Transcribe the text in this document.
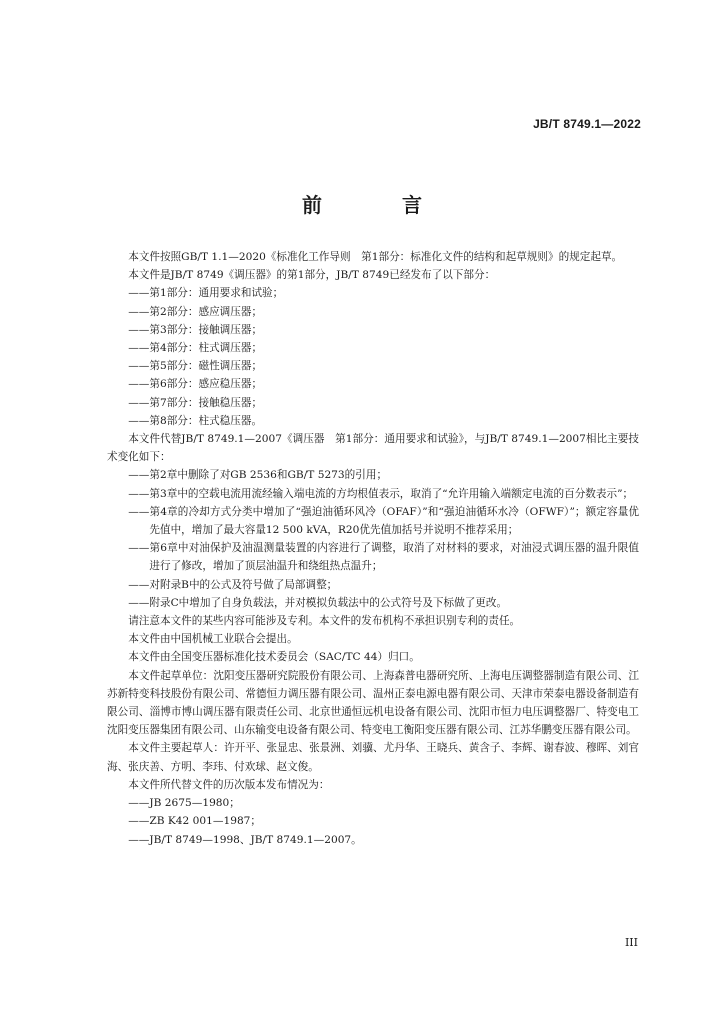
JB/T 8749.1—2022
前　言

本文件按照GB/T 1.1—2020《标准化工作导则　第1部分：标准化文件的结构和起草规则》的规定起草。

本文件是JB/T 8749《调压器》的第1部分，JB/T 8749已经发布了以下部分：

——第1部分：通用要求和试验；

——第2部分：感应调压器；

——第3部分：接触调压器；

——第4部分：柱式调压器；

——第5部分：磁性调压器；

——第6部分：感应稳压器；

——第7部分：接触稳压器；

——第8部分：柱式稳压器。

本文件代替JB/T 8749.1—2007《调压器　第1部分：通用要求和试验》，与JB/T 8749.1—2007相比主要技术变化如下：

——第2章中删除了对GB 2536和GB/T 5273的引用；

——第3章中的空载电流用流经输入端电流的方均根值表示，取消了“允许用输入端额定电流的百分数表示”；

——第4章的冷却方式分类中增加了“强迫油循环风冷（OFAF）”和“强迫油循环水冷（OFWF）”；额定容量优先值中，增加了最大容量12 500 kVA，R20优先值加括号并说明不推荐采用；

——第6章中对油保护及油温测量装置的内容进行了调整，取消了对材料的要求，对油浸式调压器的温升限值进行了修改，增加了顶层油温升和绕组热点温升；

——对附录B中的公式及符号做了局部调整；

——附录C中增加了自身负载法，并对模拟负载法中的公式符号及下标做了更改。

请注意本文件的某些内容可能涉及专利。本文件的发布机构不承担识别专利的责任。

本文件由中国机械工业联合会提出。

本文件由全国变压器标准化技术委员会（SAC/TC 44）归口。

本文件起草单位：沈阳变压器研究院股份有限公司、上海森普电器研究所、上海电压调整器制造有限公司、江苏新特变科技股份有限公司、常德恒力调压器有限公司、温州正泰电源电器有限公司、天津市荣泰电器设备制造有限公司、淄博市博山调压器有限责任公司、北京世通恒远机电设备有限公司、沈阳市恒力电压调整器厂、特变电工沈阳变压器集团有限公司、山东输变电设备有限公司、特变电工衡阳变压器有限公司、江苏华鹏变压器有限公司。

本文件主要起草人：许开平、张显忠、张景洲、刘骥、尤丹华、王晓兵、黄含子、李辉、谢春波、穆晖、刘官海、张庆善、方明、李玮、付欢球、赵文俊。

本文件所代替文件的历次版本发布情况为：

——JB 2675—1980；

——ZB K42 001—1987；

——JB/T 8749—1998、JB/T 8749.1—2007。

III
